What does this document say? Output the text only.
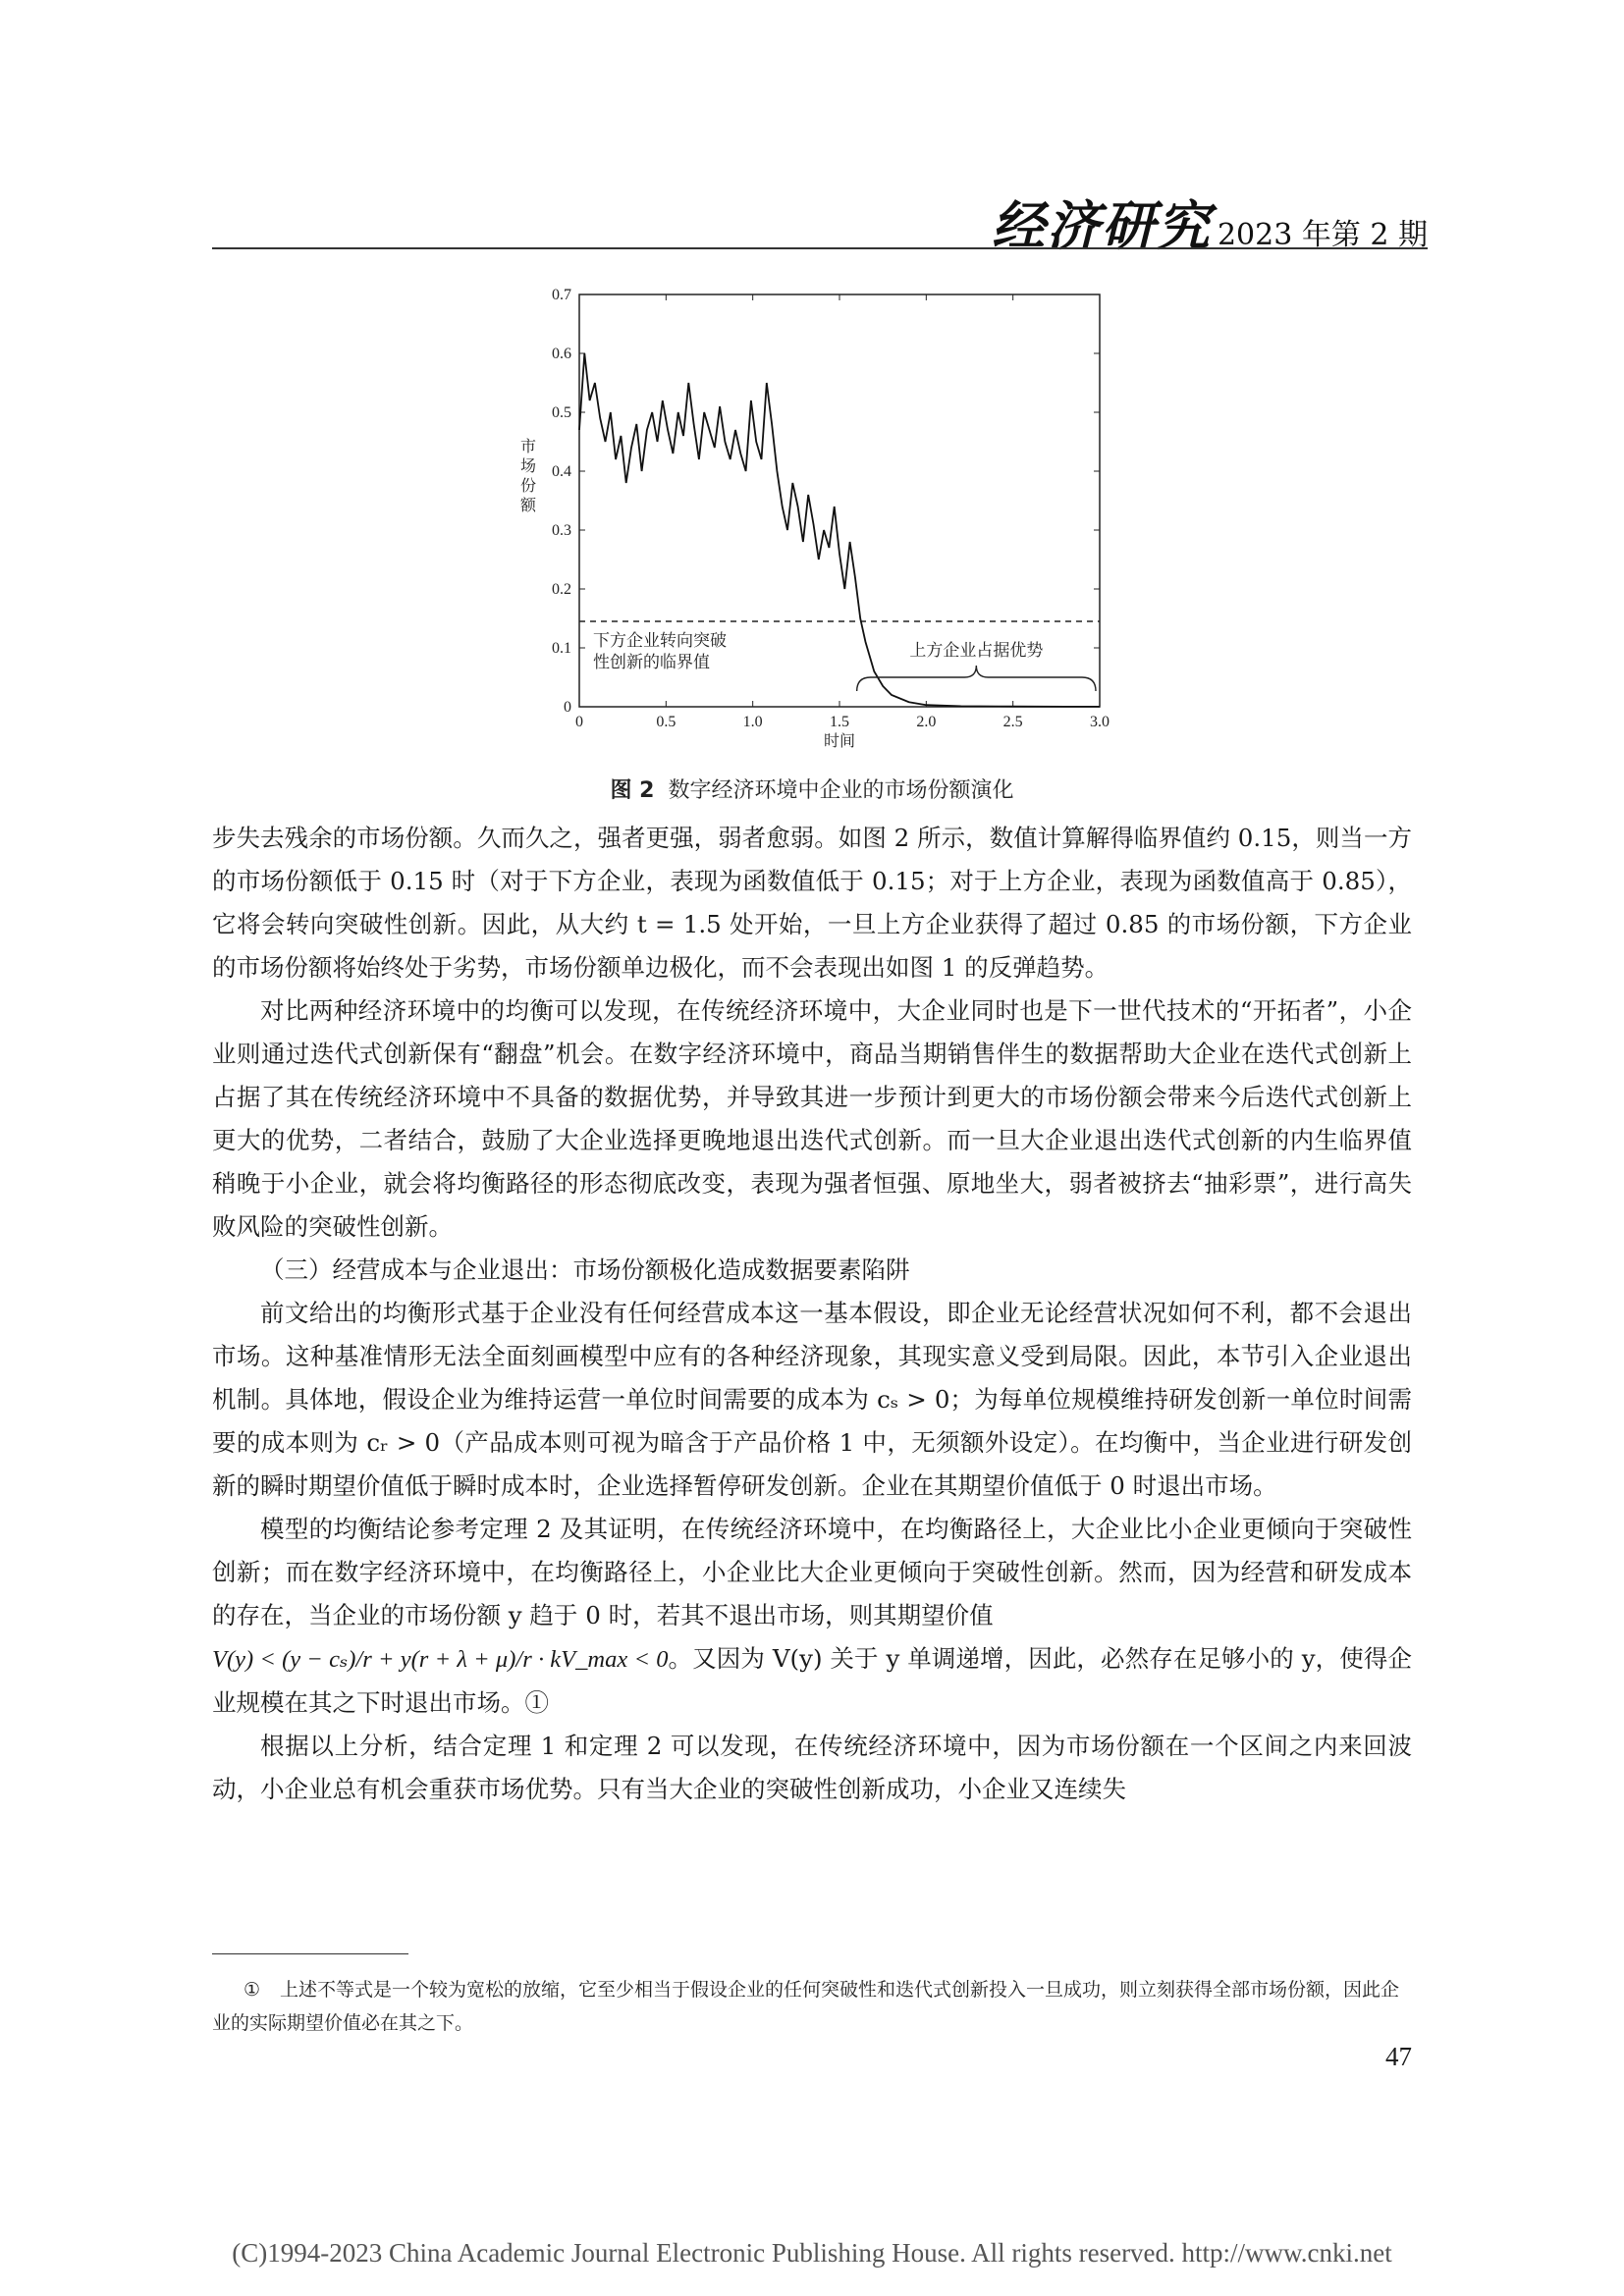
经济研究 2023 年第 2 期
0	0.5	1.0	1.5	2.0	2.5	3.0
0
0.1
0.2
0.3
0.4
0.5
0.6
0.7
时间
市
场
份
额
下方企业转向突破
性创新的临界值
上方企业占据优势
图 2 数字经济环境中企业的市场份额演化

步失去残余的市场份额。久而久之，强者更强，弱者愈弱。如图 2 所示，数值计算解得临界值约 0.15，则当一方的市场份额低于 0.15 时（对于下方企业，表现为函数值低于 0.15；对于上方企业，表现为函数值高于 0.85），它将会转向突破性创新。因此，从大约 t = 1.5 处开始，一旦上方企业获得了超过 0.85 的市场份额，下方企业的市场份额将始终处于劣势，市场份额单边极化，而不会表现出如图 1 的反弹趋势。

对比两种经济环境中的均衡可以发现，在传统经济环境中，大企业同时也是下一世代技术的“开拓者”，小企业则通过迭代式创新保有“翻盘”机会。在数字经济环境中，商品当期销售伴生的数据帮助大企业在迭代式创新上占据了其在传统经济环境中不具备的数据优势，并导致其进一步预计到更大的市场份额会带来今后迭代式创新上更大的优势，二者结合，鼓励了大企业选择更晚地退出迭代式创新。而一旦大企业退出迭代式创新的内生临界值稍晚于小企业，就会将均衡路径的形态彻底改变，表现为强者恒强、原地坐大，弱者被挤去“抽彩票”，进行高失败风险的突破性创新。

（三）经营成本与企业退出：市场份额极化造成数据要素陷阱

前文给出的均衡形式基于企业没有任何经营成本这一基本假设，即企业无论经营状况如何不利，都不会退出市场。这种基准情形无法全面刻画模型中应有的各种经济现象，其现实意义受到局限。因此，本节引入企业退出机制。具体地，假设企业为维持运营一单位时间需要的成本为 cₛ > 0；为每单位规模维持研发创新一单位时间需要的成本则为 cᵣ > 0（产品成本则可视为暗含于产品价格 1 中，无须额外设定）。在均衡中，当企业进行研发创新的瞬时期望价值低于瞬时成本时，企业选择暂停研发创新。企业在其期望价值低于 0 时退出市场。

模型的均衡结论参考定理 2 及其证明，在传统经济环境中，在均衡路径上，大企业比小企业更倾向于突破性创新；而在数字经济环境中，在均衡路径上，小企业比大企业更倾向于突破性创新。然而，因为经营和研发成本的存在，当企业的市场份额 y 趋于 0 时，若其不退出市场，则其期望价值
V(y) < (y − cₛ)/r + y(r + λ + μ)/r · kV_max < 0。又因为 V(y) 关于 y 单调递增，因此，必然存在足够小的 y，使得企业规模在其之下时退出市场。①

根据以上分析，结合定理 1 和定理 2 可以发现，在传统经济环境中，因为市场份额在一个区间之内来回波动，小企业总有机会重获市场优势。只有当大企业的突破性创新成功，小企业又连续失

① 上述不等式是一个较为宽松的放缩，它至少相当于假设企业的任何突破性和迭代式创新投入一旦成功，则立刻获得全部市场份额，因此企业的实际期望价值必在其之下。
47
(C)1994-2023 China Academic Journal Electronic Publishing House. All rights reserved. http://www.cnki.net
